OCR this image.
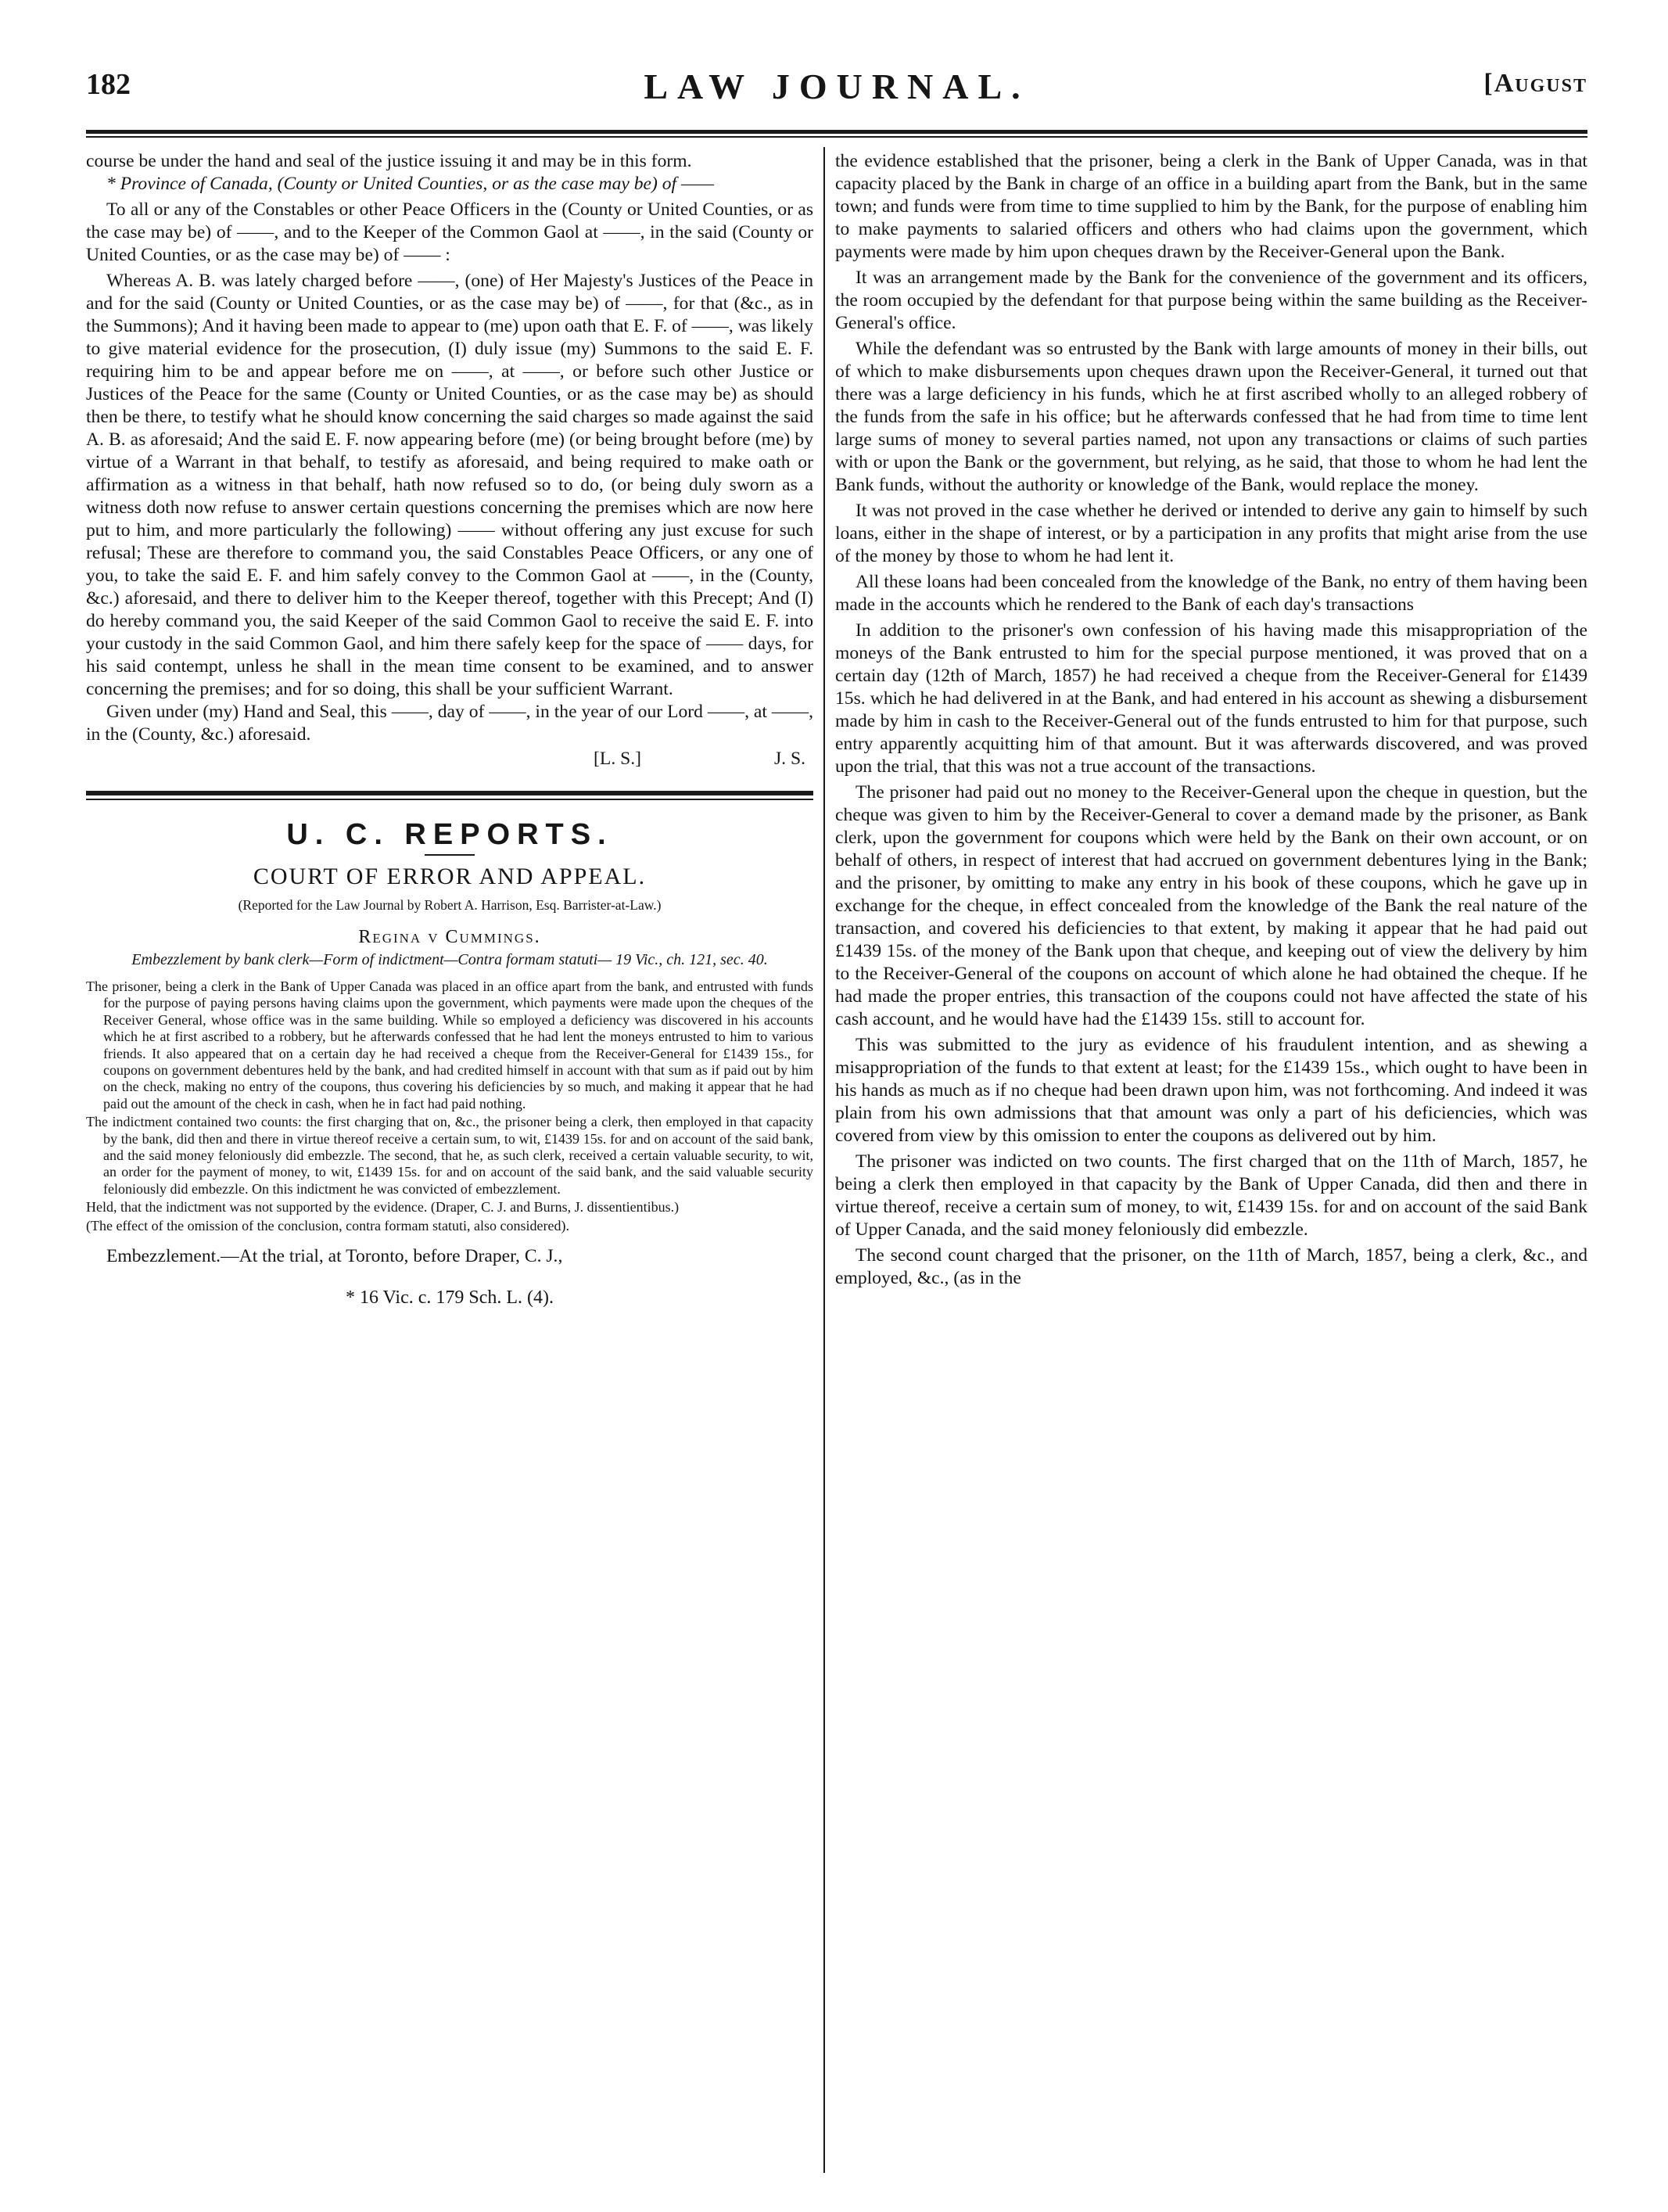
182	LAW JOURNAL.	[August

course be under the hand and seal of the justice issuing it and may be in this form.

* Province of Canada, (County or United Counties, or as the case may be) of ——

To all or any of the Constables or other Peace Officers in the (County or United Counties, or as the case may be) of ——, and to the Keeper of the Common Gaol at ——, in the said (County or United Counties, or as the case may be) of —— :

Whereas A. B. was lately charged before ——, (one) of Her Majesty's Justices of the Peace in and for the said (County or United Counties, or as the case may be) of ——, for that (&c., as in the Summons); And it having been made to appear to (me) upon oath that E. F. of ——, was likely to give material evidence for the prosecution, (I) duly issue (my) Summons to the said E. F. requiring him to be and appear before me on ——, at ——, or before such other Justice or Justices of the Peace for the same (County or United Counties, or as the case may be) as should then be there, to testify what he should know concerning the said charges so made against the said A. B. as aforesaid; And the said E. F. now appearing before (me) (or being brought before (me) by virtue of a Warrant in that behalf, to testify as aforesaid, and being required to make oath or affirmation as a witness in that behalf, hath now refused so to do, (or being duly sworn as a witness doth now refuse to answer certain questions concerning the premises which are now here put to him, and more particularly the following) —— without offering any just excuse for such refusal; These are therefore to command you, the said Constables Peace Officers, or any one of you, to take the said E. F. and him safely convey to the Common Gaol at ——, in the (County, &c.) aforesaid, and there to deliver him to the Keeper thereof, together with this Precept; And (I) do hereby command you, the said Keeper of the said Common Gaol to receive the said E. F. into your custody in the said Common Gaol, and him there safely keep for the space of —— days, for his said contempt, unless he shall in the mean time consent to be examined, and to answer concerning the premises; and for so doing, this shall be your sufficient Warrant.

Given under (my) Hand and Seal, this ——, day of ——, in the year of our Lord ——, at ——, in the (County, &c.) aforesaid.

[L. S.]	J. S.
U. C. REPORTS.
COURT OF ERROR AND APPEAL.
(Reported for the Law Journal by Robert A. Harrison, Esq. Barrister-at-Law.)
Regina v Cummings.
Embezzlement by bank clerk—Form of indictment—Contra formam statuti— 19 Vic., ch. 121, sec. 40.

The prisoner, being a clerk in the Bank of Upper Canada was placed in an office apart from the bank, and entrusted with funds for the purpose of paying persons having claims upon the government, which payments were made upon the cheques of the Receiver General, whose office was in the same building. While so employed a deficiency was discovered in his accounts which he at first ascribed to a robbery, but he afterwards confessed that he had lent the moneys entrusted to him to various friends. It also appeared that on a certain day he had received a cheque from the Receiver-General for £1439 15s., for coupons on government debentures held by the bank, and had credited himself in account with that sum as if paid out by him on the check, making no entry of the coupons, thus covering his deficiencies by so much, and making it appear that he had paid out the amount of the check in cash, when he in fact had paid nothing.

The indictment contained two counts: the first charging that on, &c., the prisoner being a clerk, then employed in that capacity by the bank, did then and there in virtue thereof receive a certain sum, to wit, £1439 15s. for and on account of the said bank, and the said money feloniously did embezzle. The second, that he, as such clerk, received a certain valuable security, to wit, an order for the payment of money, to wit, £1439 15s. for and on account of the said bank, and the said valuable security feloniously did embezzle. On this indictment he was convicted of embezzlement.

Held, that the indictment was not supported by the evidence. (Draper, C. J. and Burns, J. dissentientibus.)

(The effect of the omission of the conclusion, contra formam statuti, also considered).

Embezzlement.—At the trial, at Toronto, before Draper, C. J.,

* 16 Vic. c. 179 Sch. L. (4).

the evidence established that the prisoner, being a clerk in the Bank of Upper Canada, was in that capacity placed by the Bank in charge of an office in a building apart from the Bank, but in the same town; and funds were from time to time supplied to him by the Bank, for the purpose of enabling him to make payments to salaried officers and others who had claims upon the government, which payments were made by him upon cheques drawn by the Receiver-General upon the Bank.

It was an arrangement made by the Bank for the convenience of the government and its officers, the room occupied by the defendant for that purpose being within the same building as the Receiver-General's office.

While the defendant was so entrusted by the Bank with large amounts of money in their bills, out of which to make disbursements upon cheques drawn upon the Receiver-General, it turned out that there was a large deficiency in his funds, which he at first ascribed wholly to an alleged robbery of the funds from the safe in his office; but he afterwards confessed that he had from time to time lent large sums of money to several parties named, not upon any transactions or claims of such parties with or upon the Bank or the government, but relying, as he said, that those to whom he had lent the Bank funds, without the authority or knowledge of the Bank, would replace the money.

It was not proved in the case whether he derived or intended to derive any gain to himself by such loans, either in the shape of interest, or by a participation in any profits that might arise from the use of the money by those to whom he had lent it.

All these loans had been concealed from the knowledge of the Bank, no entry of them having been made in the accounts which he rendered to the Bank of each day's transactions

In addition to the prisoner's own confession of his having made this misappropriation of the moneys of the Bank entrusted to him for the special purpose mentioned, it was proved that on a certain day (12th of March, 1857) he had received a cheque from the Receiver-General for £1439 15s. which he had delivered in at the Bank, and had entered in his account as shewing a disbursement made by him in cash to the Receiver-General out of the funds entrusted to him for that purpose, such entry apparently acquitting him of that amount. But it was afterwards discovered, and was proved upon the trial, that this was not a true account of the transactions.

The prisoner had paid out no money to the Receiver-General upon the cheque in question, but the cheque was given to him by the Receiver-General to cover a demand made by the prisoner, as Bank clerk, upon the government for coupons which were held by the Bank on their own account, or on behalf of others, in respect of interest that had accrued on government debentures lying in the Bank; and the prisoner, by omitting to make any entry in his book of these coupons, which he gave up in exchange for the cheque, in effect concealed from the knowledge of the Bank the real nature of the transaction, and covered his deficiencies to that extent, by making it appear that he had paid out £1439 15s. of the money of the Bank upon that cheque, and keeping out of view the delivery by him to the Receiver-General of the coupons on account of which alone he had obtained the cheque. If he had made the proper entries, this transaction of the coupons could not have affected the state of his cash account, and he would have had the £1439 15s. still to account for.

This was submitted to the jury as evidence of his fraudulent intention, and as shewing a misappropriation of the funds to that extent at least; for the £1439 15s., which ought to have been in his hands as much as if no cheque had been drawn upon him, was not forthcoming. And indeed it was plain from his own admissions that that amount was only a part of his deficiencies, which was covered from view by this omission to enter the coupons as delivered out by him.

The prisoner was indicted on two counts. The first charged that on the 11th of March, 1857, he being a clerk then employed in that capacity by the Bank of Upper Canada, did then and there in virtue thereof, receive a certain sum of money, to wit, £1439 15s. for and on account of the said Bank of Upper Canada, and the said money feloniously did embezzle.

The second count charged that the prisoner, on the 11th of March, 1857, being a clerk, &c., and employed, &c., (as in the
